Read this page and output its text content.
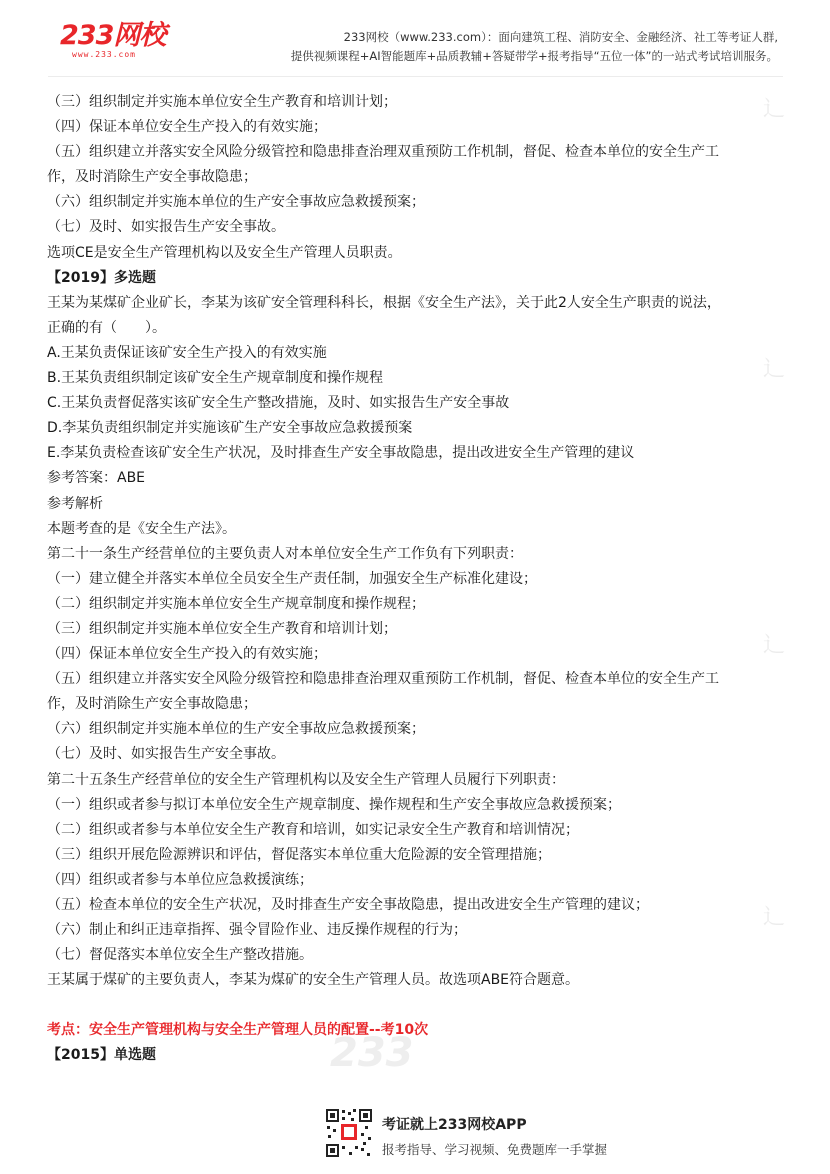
233网校
www.233.com
233网校（www.233.com）：面向建筑工程、消防安全、金融经济、社工等考证人群,
提供视频课程+AI智能题库+品质教辅+答疑带学+报考指导“五位一体”的一站式考试培训服务。
辶
辶
辶
辶
233
（三）组织制定并实施本单位安全生产教育和培训计划；
（四）保证本单位安全生产投入的有效实施；
（五）组织建立并落实安全风险分级管控和隐患排查治理双重预防工作机制，督促、检查本单位的安全生产工
作，及时消除生产安全事故隐患；
（六）组织制定并实施本单位的生产安全事故应急救援预案；
（七）及时、如实报告生产安全事故。
选项CE是安全生产管理机构以及安全生产管理人员职责。
【2019】多选题
王某为某煤矿企业矿长，李某为该矿安全管理科科长，根据《安全生产法》，关于此2人安全生产职责的说法，
正确的有（　　）。
A.王某负责保证该矿安全生产投入的有效实施
B.王某负责组织制定该矿安全生产规章制度和操作规程
C.王某负责督促落实该矿安全生产整改措施，及时、如实报告生产安全事故
D.李某负责组织制定并实施该矿生产安全事故应急救援预案
E.李某负责检查该矿安全生产状况，及时排查生产安全事故隐患，提出改进安全生产管理的建议
参考答案：ABE
参考解析
本题考查的是《安全生产法》。
第二十一条生产经营单位的主要负责人对本单位安全生产工作负有下列职责：
（一）建立健全并落实本单位全员安全生产责任制，加强安全生产标准化建设；
（二）组织制定并实施本单位安全生产规章制度和操作规程；
（三）组织制定并实施本单位安全生产教育和培训计划；
（四）保证本单位安全生产投入的有效实施；
（五）组织建立并落实安全风险分级管控和隐患排查治理双重预防工作机制，督促、检查本单位的安全生产工
作，及时消除生产安全事故隐患；
（六）组织制定并实施本单位的生产安全事故应急救援预案；
（七）及时、如实报告生产安全事故。
第二十五条生产经营单位的安全生产管理机构以及安全生产管理人员履行下列职责：
（一）组织或者参与拟订本单位安全生产规章制度、操作规程和生产安全事故应急救援预案；
（二）组织或者参与本单位安全生产教育和培训，如实记录安全生产教育和培训情况；
（三）组织开展危险源辨识和评估，督促落实本单位重大危险源的安全管理措施；
（四）组织或者参与本单位应急救援演练；
（五）检查本单位的安全生产状况，及时排查生产安全事故隐患，提出改进安全生产管理的建议；
（六）制止和纠正违章指挥、强令冒险作业、违反操作规程的行为；
（七）督促落实本单位安全生产整改措施。
王某属于煤矿的主要负责人，李某为煤矿的安全生产管理人员。故选项ABE符合题意。
考点：安全生产管理机构与安全生产管理人员的配置--考10次
【2015】单选题
考证就上233网校APP
报考指导、学习视频、免费题库一手掌握
